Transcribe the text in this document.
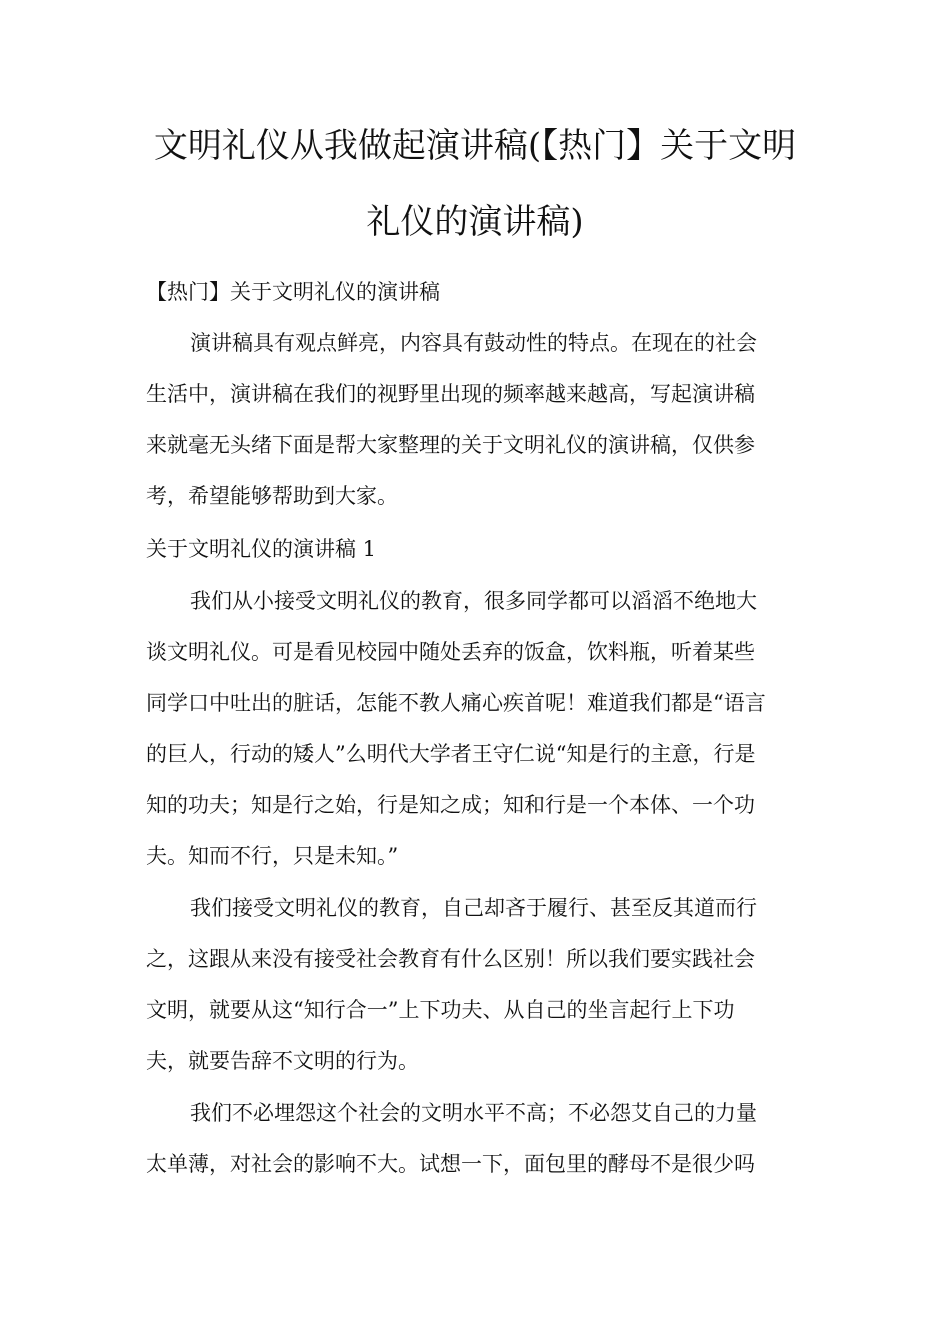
文明礼仪从我做起演讲稿(【热门】关于文明
礼仪的演讲稿)
【热门】关于文明礼仪的演讲稿
演讲稿具有观点鲜亮，内容具有鼓动性的特点。在现在的社会
生活中，演讲稿在我们的视野里出现的频率越来越高，写起演讲稿
来就毫无头绪下面是帮大家整理的关于文明礼仪的演讲稿，仅供参
考，希望能够帮助到大家。
关于文明礼仪的演讲稿 1
我们从小接受文明礼仪的教育，很多同学都可以滔滔不绝地大
谈文明礼仪。可是看见校园中随处丢弃的饭盒，饮料瓶，听着某些
同学口中吐出的脏话，怎能不教人痛心疾首呢！难道我们都是“语言
的巨人，行动的矮人”么明代大学者王守仁说“知是行的主意，行是
知的功夫；知是行之始，行是知之成；知和行是一个本体、一个功
夫。知而不行，只是未知。”
我们接受文明礼仪的教育，自己却吝于履行、甚至反其道而行
之，这跟从来没有接受社会教育有什么区别！所以我们要实践社会
文明，就要从这“知行合一”上下功夫、从自己的坐言起行上下功
夫，就要告辞不文明的行为。
我们不必埋怨这个社会的文明水平不高；不必怨艾自己的力量
太单薄，对社会的影响不大。试想一下，面包里的酵母不是很少吗
